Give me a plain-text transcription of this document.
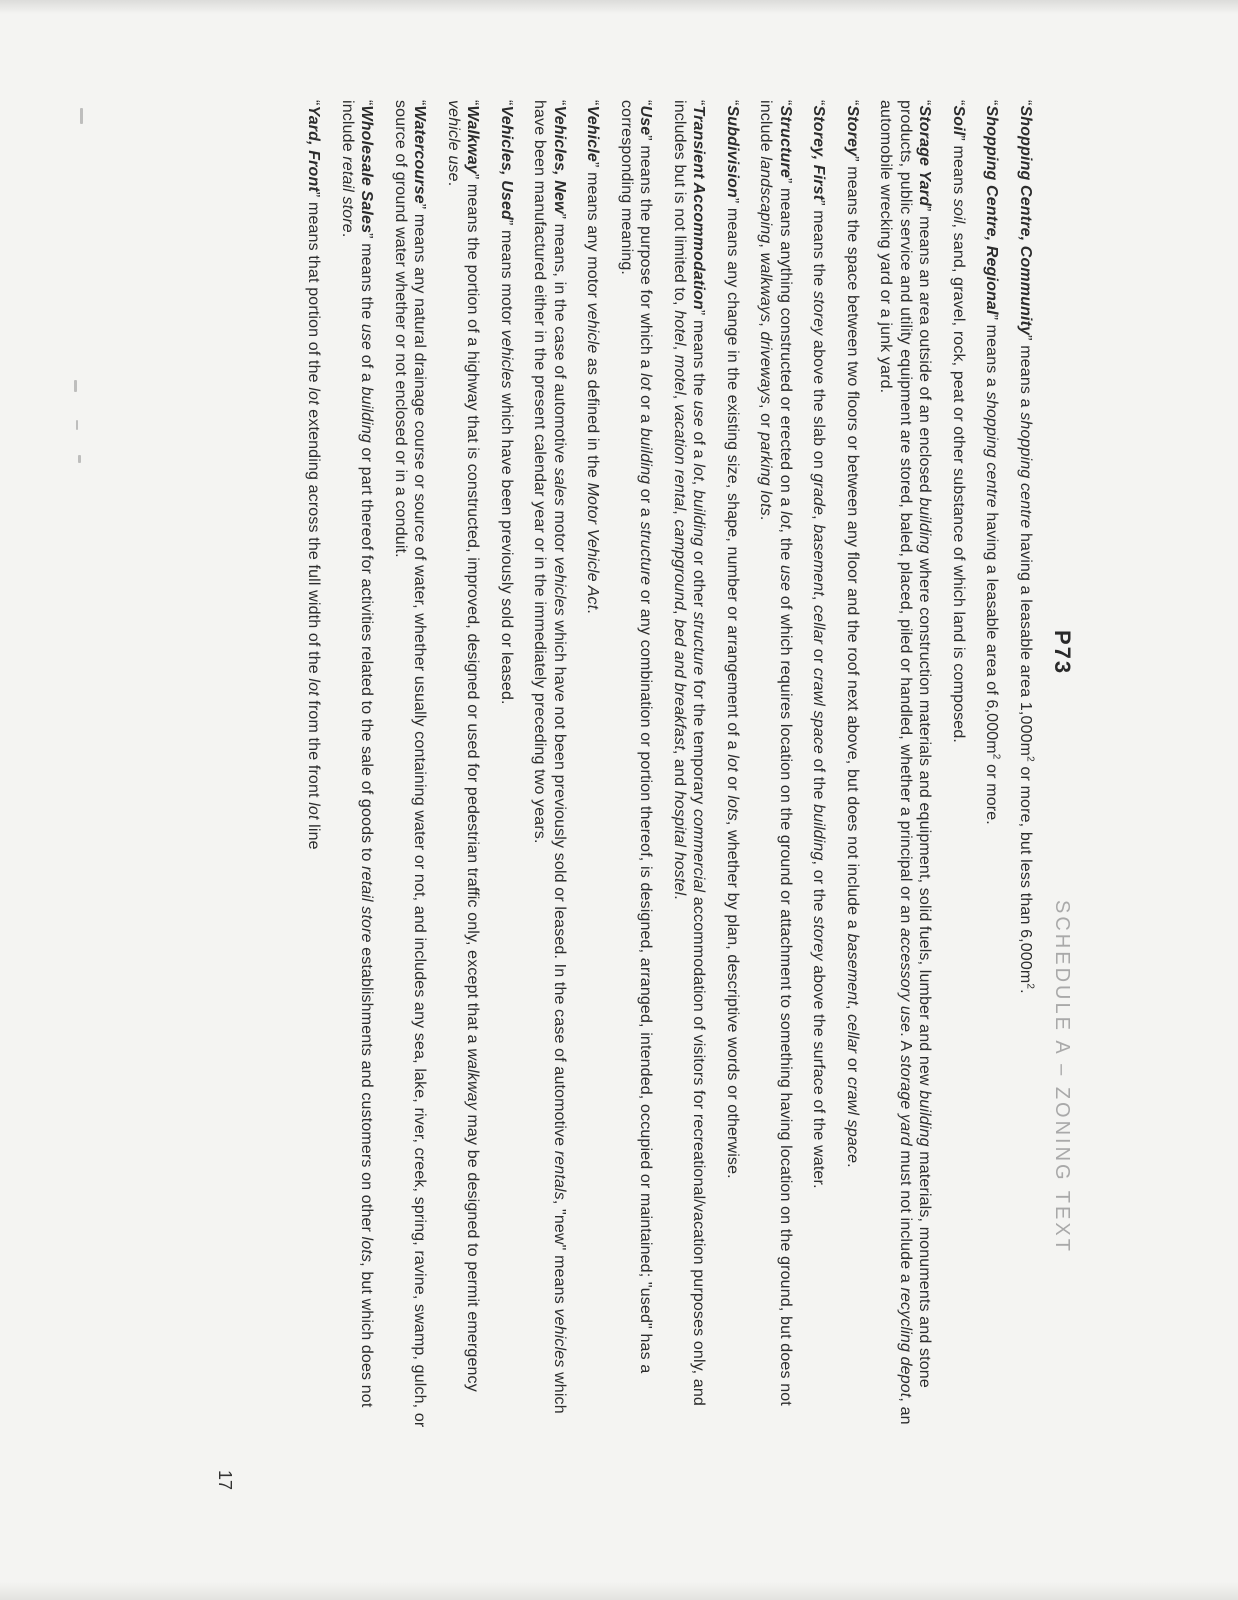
P73
SCHEDULE A – ZONING TEXT

“Shopping Centre, Community” means a shopping centre having a leasable area $1,000m^2$ or more, but less than $6,000m^2$.

“Shopping Centre, Regional” means a shopping centre having a leasable area of $6,000m^2$ or more.

“Soil” means soil, sand, gravel, rock, peat or other substance of which land is composed.

“Storage Yard” means an area outside of an enclosed building where construction materials and equipment, solid fuels, lumber and new building materials, monuments and stone products, public service and utility equipment are stored, baled, placed, piled or handled, whether a principal or an accessory use. A storage yard must not include a recycling depot, an automobile wrecking yard or a junk yard.

“Storey” means the space between two floors or between any floor and the roof next above, but does not include a basement, cellar or crawl space.

“Storey, First” means the storey above the slab on grade, basement, cellar or crawl space of the building, or the storey above the surface of the water.

“Structure” means anything constructed or erected on a lot, the use of which requires location on the ground or attachment to something having location on the ground, but does not include landscaping, walkways, driveways, or parking lots.

“Subdivision” means any change in the existing size, shape, number or arrangement of a lot or lots, whether by plan, descriptive words or otherwise.

“Transient Accommodation” means the use of a lot, building or other structure for the temporary commercial accommodation of visitors for recreational/vacation purposes only, and includes but is not limited to, hotel, motel, vacation rental, campground, bed and breakfast, and hospital hostel.

“Use” means the purpose for which a lot or a building or a structure or any combination or portion thereof, is designed, arranged, intended, occupied or maintained; "used" has a corresponding meaning.

“Vehicle” means any motor vehicle as defined in the Motor Vehicle Act.

“Vehicles, New” means, in the case of automotive sales motor vehicles which have not been previously sold or leased. In the case of automotive rentals, "new" means vehicles which have been manufactured either in the present calendar year or in the immediately preceding two years.

“Vehicles, Used” means motor vehicles which have been previously sold or leased.

“Walkway” means the portion of a highway that is constructed, improved, designed or used for pedestrian traffic only, except that a walkway may be designed to permit emergency vehicle use.

“Watercourse” means any natural drainage course or source of water, whether usually containing water or not, and includes any sea, lake, river, creek, spring, ravine, swamp, gulch, or source of ground water whether or not enclosed or in a conduit.

“Wholesale Sales” means the use of a building or part thereof for activities related to the sale of goods to retail store establishments and customers on other lots, but which does not include retail store.

“Yard, Front” means that portion of the lot extending across the full width of the lot from the front lot line

17
